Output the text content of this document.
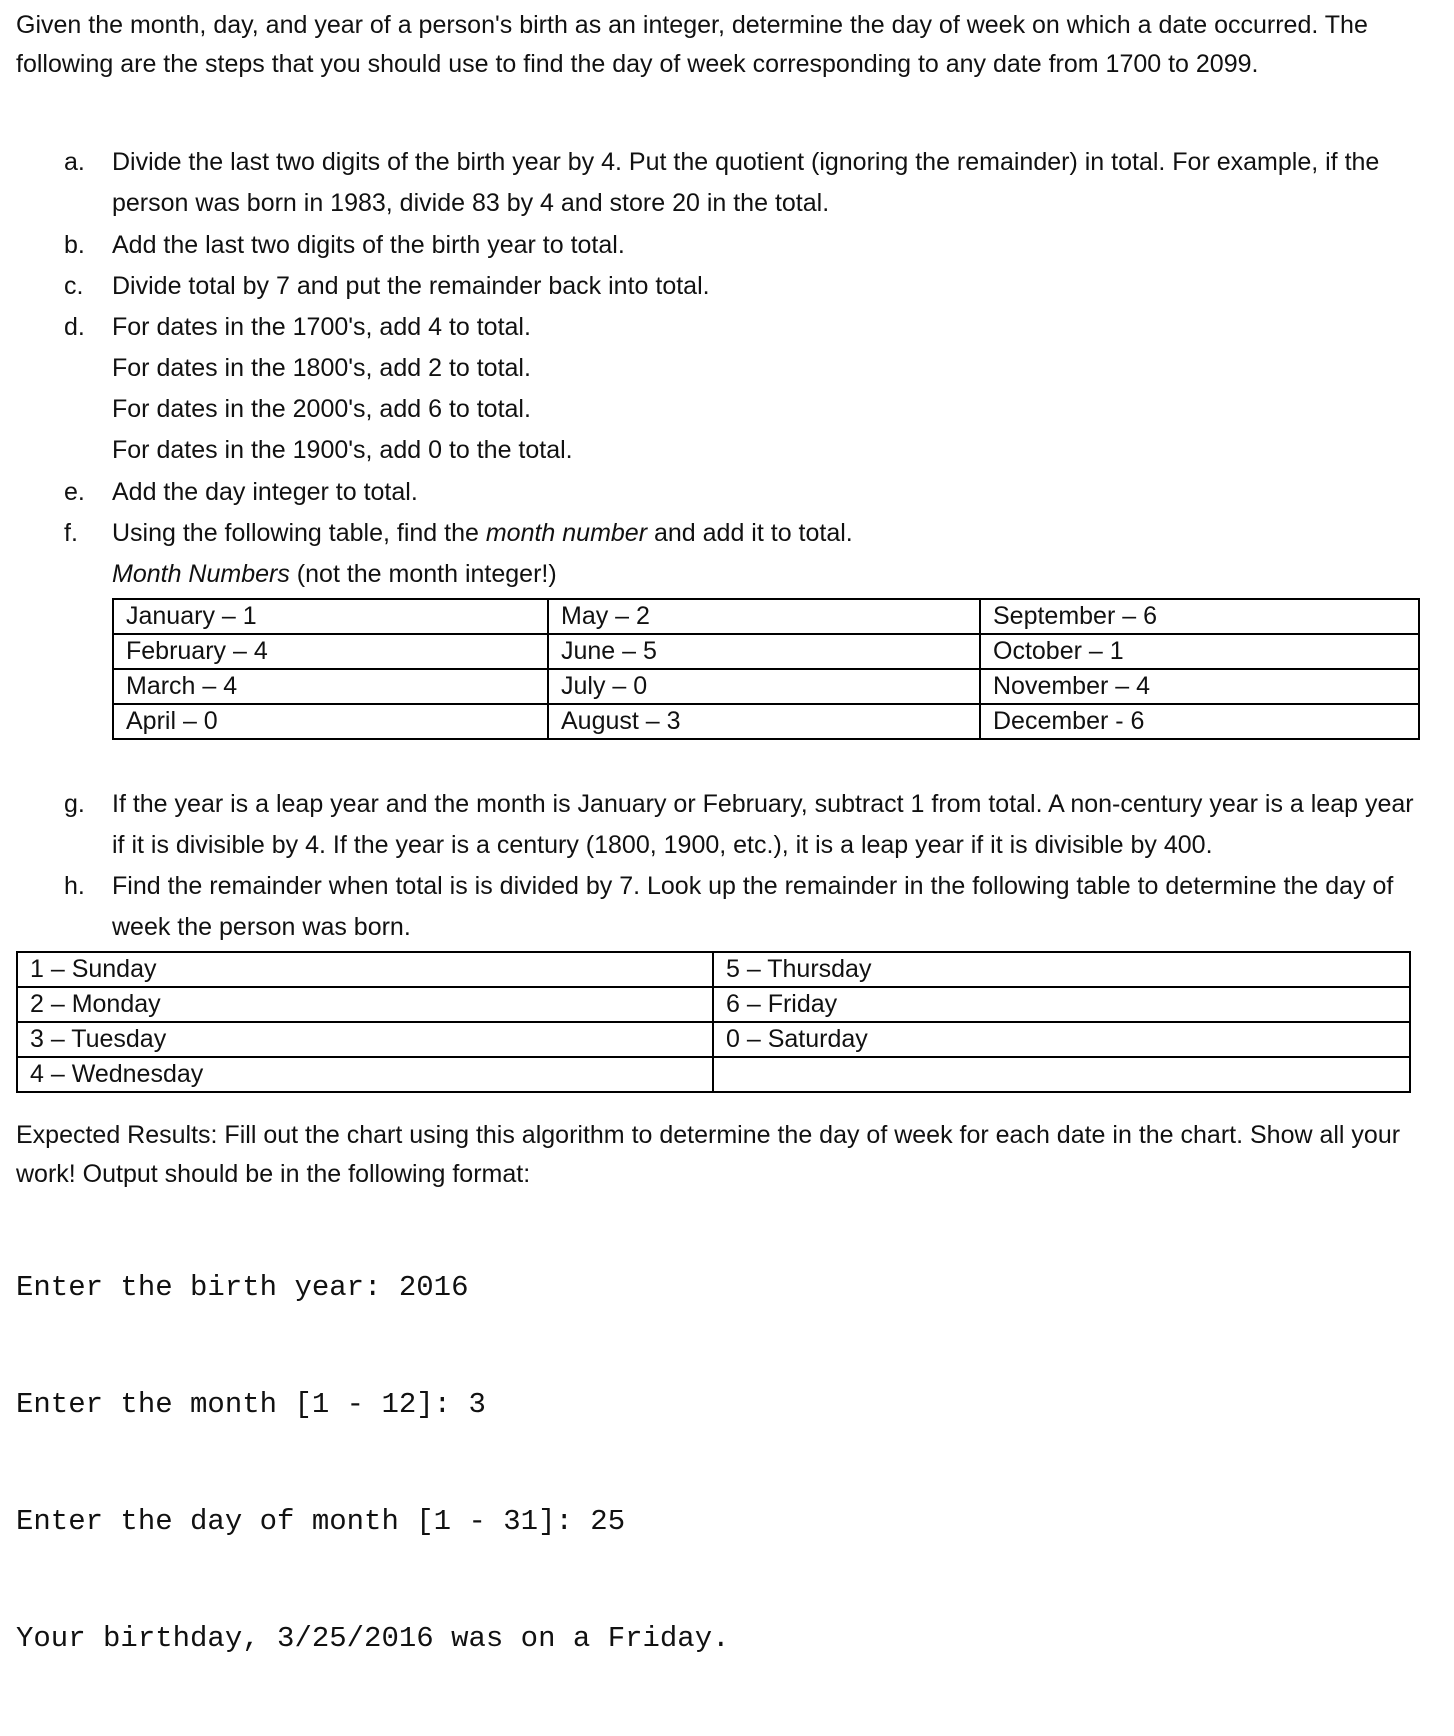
Given the month, day, and year of a person's birth as an integer, determine the day of week on which a date occurred. The following are the steps that you should use to find the day of week corresponding to any date from 1700 to 2099.

a. Divide the last two digits of the birth year by 4. Put the quotient (ignoring the remainder) in total. For example, if the person was born in 1983, divide 83 by 4 and store 20 in the total.
b. Add the last two digits of the birth year to total.
c. Divide total by 7 and put the remainder back into total.
d. For dates in the 1700's, add 4 to total.
For dates in the 1800's, add 2 to total.
For dates in the 2000's, add 6 to total.
For dates in the 1900's, add 0 to the total.
e. Add the day integer to total.
f. Using the following table, find the month number and add it to total.
Month Numbers (not the month integer!)
January – 1	May – 2	September – 6
February – 4	June – 5	October – 1
March – 4	July – 0	November – 4
April – 0	August – 3	December - 6
g. If the year is a leap year and the month is January or February, subtract 1 from total. A non-century year is a leap year if it is divisible by 4. If the year is a century (1800, 1900, etc.), it is a leap year if it is divisible by 400.
h. Find the remainder when total is is divided by 7. Look up the remainder in the following table to determine the day of week the person was born.
1 – Sunday	5 – Thursday
2 – Monday	6 – Friday
3 – Tuesday	0 – Saturday
4 – Wednesday	

Expected Results: Fill out the chart using this algorithm to determine the day of week for each date in the chart. Show all your work! Output should be in the following format:

Enter the birth year: 2016

Enter the month [1 - 12]: 3

Enter the day of month [1 - 31]: 25

Your birthday, 3/25/2016 was on a Friday.
